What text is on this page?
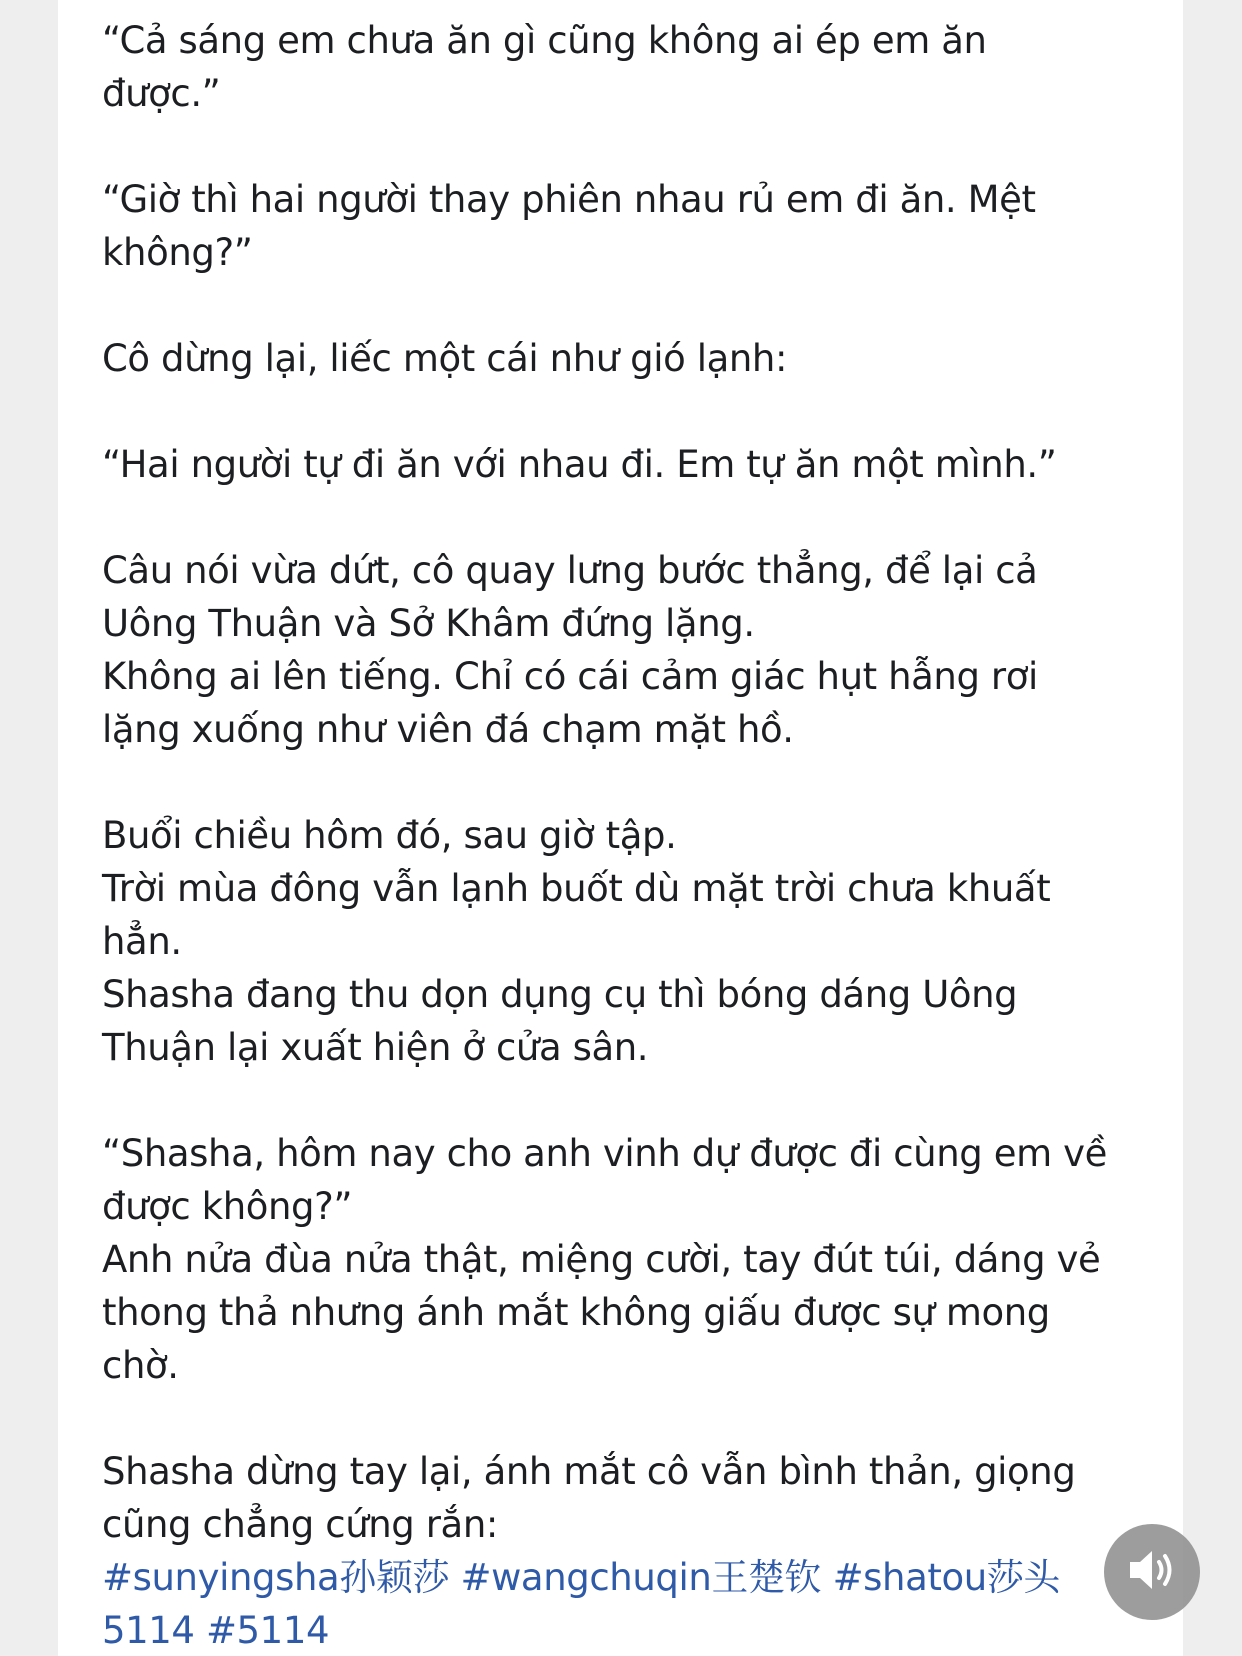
“Cả sáng em chưa ăn gì cũng không ai ép em ăn

được.”

“Giờ thì hai người thay phiên nhau rủ em đi ăn. Mệt

không?”

Cô dừng lại, liếc một cái như gió lạnh:

“Hai người tự đi ăn với nhau đi. Em tự ăn một mình.”

Câu nói vừa dứt, cô quay lưng bước thẳng, để lại cả

Uông Thuận và Sở Khâm đứng lặng.

Không ai lên tiếng. Chỉ có cái cảm giác hụt hẫng rơi

lặng xuống như viên đá chạm mặt hồ.

Buổi chiều hôm đó, sau giờ tập.

Trời mùa đông vẫn lạnh buốt dù mặt trời chưa khuất

hẳn.

Shasha đang thu dọn dụng cụ thì bóng dáng Uông

Thuận lại xuất hiện ở cửa sân.

“Shasha, hôm nay cho anh vinh dự được đi cùng em về

được không?”

Anh nửa đùa nửa thật, miệng cười, tay đút túi, dáng vẻ

thong thả nhưng ánh mắt không giấu được sự mong

chờ.

Shasha dừng tay lại, ánh mắt cô vẫn bình thản, giọng

cũng chẳng cứng rắn:

#sunyingsha孙颖莎 #wangchuqin王楚钦 #shatou莎头

5114 #5114
